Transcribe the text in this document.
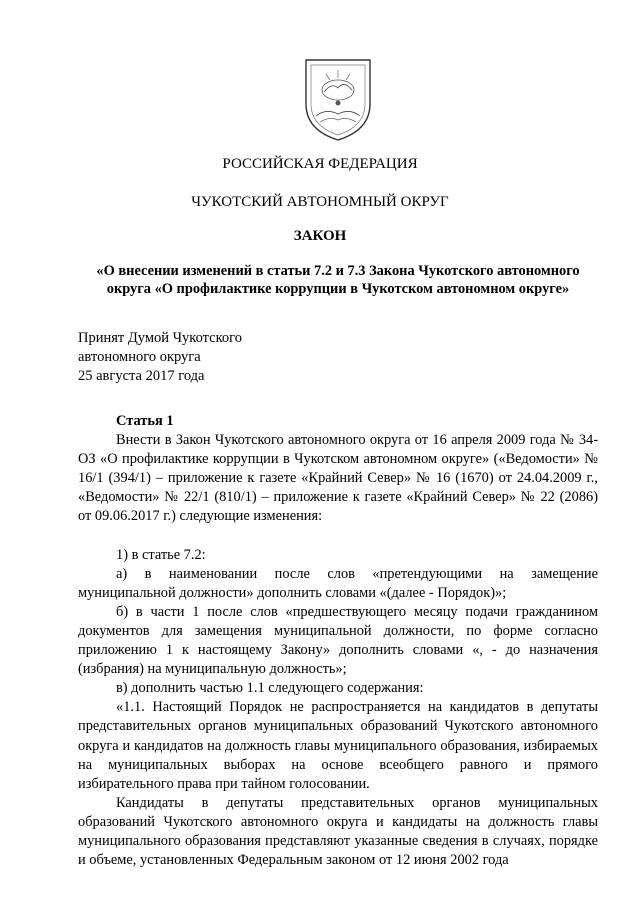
РОССИЙСКАЯ ФЕДЕРАЦИЯ
ЧУКОТСКИЙ АВТОНОМНЫЙ ОКРУГ
ЗАКОН
«О внесении изменений в статьи 7.2 и 7.3 Закона Чукотского автономного
округа «О профилактике коррупции в Чукотском автономном округе»
Принят Думой Чукотского
автономного округа
25 августа 2017 года

Статья 1

Внести в Закон Чукотского автономного округа от 16 апреля 2009 года № 34-ОЗ «О профилактике коррупции в Чукотском автономном округе» («Ведомости» № 16/1 (394/1) – приложение к газете «Крайний Север» № 16 (1670) от 24.04.2009 г., «Ведомости» № 22/1 (810/1) – приложение к газете «Крайний Север» № 22 (2086) от 09.06.2017 г.) следующие изменения:

1) в статье 7.2:

а) в наименовании после слов «претендующими на замещение муниципальной должности» дополнить словами «(далее - Порядок)»;

б) в части 1 после слов «предшествующего месяцу подачи гражданином документов для замещения муниципальной должности, по форме согласно приложению 1 к настоящему Закону» дополнить словами «, - до назначения (избрания) на муниципальную должность»;

в) дополнить частью 1.1 следующего содержания:

«1.1. Настоящий Порядок не распространяется на кандидатов в депутаты представительных органов муниципальных образований Чукотского автономного округа и кандидатов на должность главы муниципального образования, избираемых на муниципальных выборах на основе всеобщего равного и прямого избирательного права при тайном голосовании.

Кандидаты в депутаты представительных органов муниципальных образований Чукотского автономного округа и кандидаты на должность главы муниципального образования представляют указанные сведения в случаях, порядке и объеме, установленных Федеральным законом от 12 июня 2002 года
